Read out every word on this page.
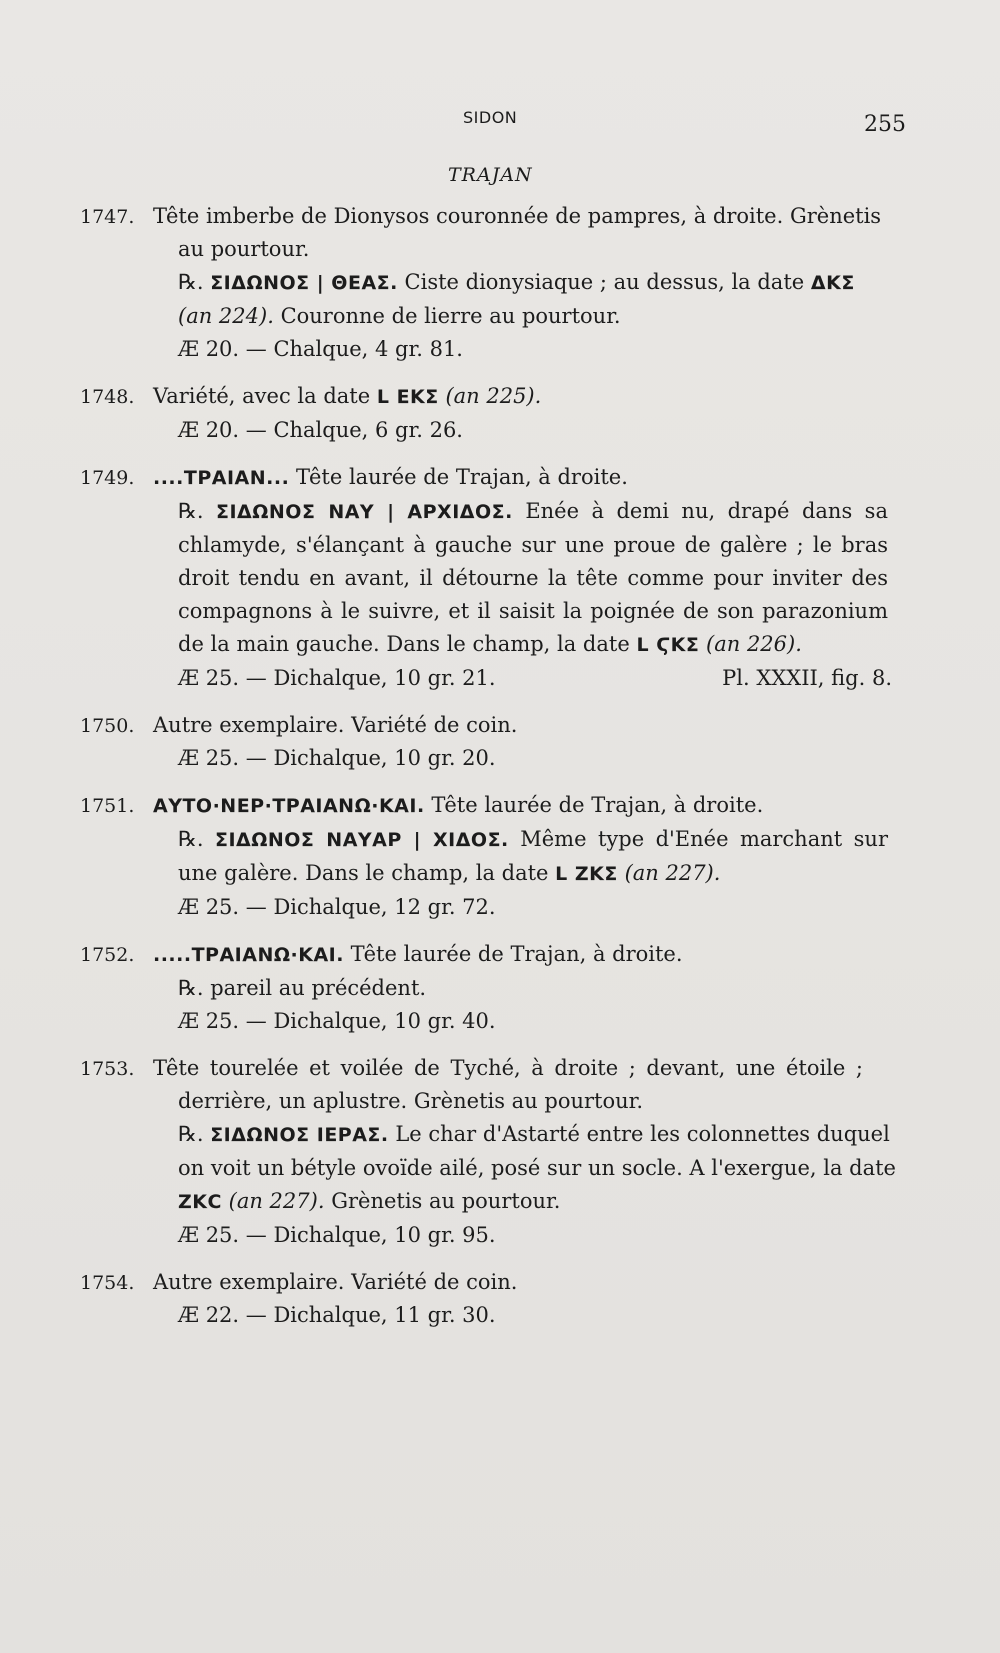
SIDON	255
TRAJAN
1747. Tête imberbe de Dionysos couronnée de pampres, à droite. Grènetis
au pourtour.
℞. ΣΙΔΩΝΟΣ | ΘΕΑΣ. Ciste dionysiaque ; au dessus, la date ΔΚΣ
(an 224). Couronne de lierre au pourtour.
Æ 20. — Chalque, 4 gr. 81.
1748. Variété, avec la date L ΕΚΣ (an 225).
Æ 20. — Chalque, 6 gr. 26.
1749. ....ΤΡΑΙΑΝ... Tête laurée de Trajan, à droite.
℞. ΣΙΔΩΝΟΣ ΝΑΥ | ΑΡΧΙΔΟΣ. Enée à demi nu, drapé dans sa
chlamyde, s'élançant à gauche sur une proue de galère ; le bras
droit tendu en avant, il détourne la tête comme pour inviter des
compagnons à le suivre, et il saisit la poignée de son parazonium
de la main gauche. Dans le champ, la date L ϚΚΣ (an 226).
Æ 25. — Dichalque, 10 gr. 21.	Pl. XXXII, fig. 8.
1750. Autre exemplaire. Variété de coin.
Æ 25. — Dichalque, 10 gr. 20.
1751. ΑΥΤΟ·ΝΕΡ·ΤΡΑΙΑΝΩ·ΚΑΙ. Tête laurée de Trajan, à droite.
℞. ΣΙΔΩΝΟΣ ΝΑΥΑΡ | ΧΙΔΟΣ. Même type d'Enée marchant sur
une galère. Dans le champ, la date L ΖΚΣ (an 227).
Æ 25. — Dichalque, 12 gr. 72.
1752. .....ΤΡΑΙΑΝΩ·ΚΑΙ. Tête laurée de Trajan, à droite.
℞. pareil au précédent.
Æ 25. — Dichalque, 10 gr. 40.
1753. Tête tourelée et voilée de Tyché, à droite ; devant, une étoile ;
derrière, un aplustre. Grènetis au pourtour.
℞. ΣΙΔΩΝΟΣ ΙΕΡΑΣ. Le char d'Astarté entre les colonnettes duquel
on voit un bétyle ovoïde ailé, posé sur un socle. A l'exergue, la date
ΖΚC (an 227). Grènetis au pourtour.
Æ 25. — Dichalque, 10 gr. 95.
1754. Autre exemplaire. Variété de coin.
Æ 22. — Dichalque, 11 gr. 30.
